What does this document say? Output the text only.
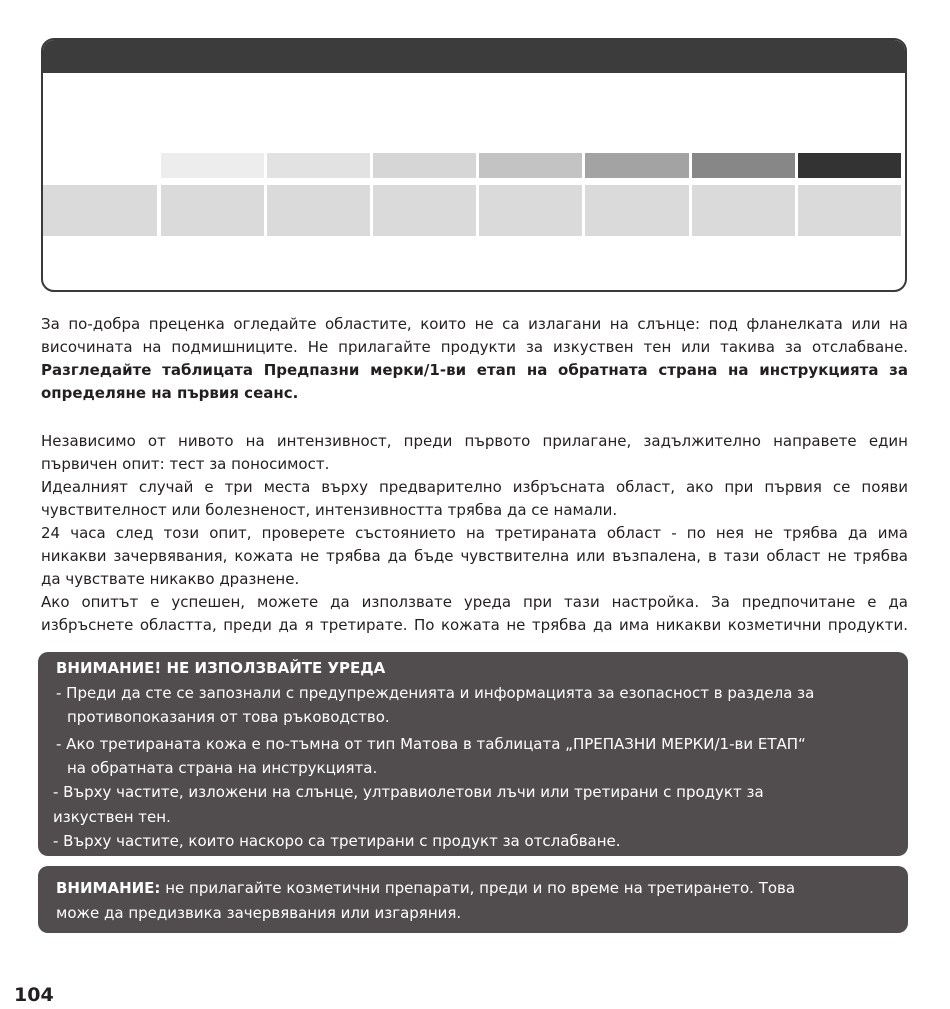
За по-добра преценка огледайте областите, които не са излагани на слънце: под фланелката или на
височината на подмишниците. Не прилагайте продукти за изкуствен тен или такива за отслабване.
Разгледайте таблицата Предпазни мерки/1-ви етап на обратната страна на инструкцията за
определяне на първия сеанс.
Независимо от нивото на интензивност, преди първото прилагане, задължително направете един
първичен опит: тест за поносимост.
Идеалният случай е три места върху предварително избръсната област, ако при първия се появи
чувствителност или болезненост, интензивността трябва да се намали.
24 часа след този опит, проверете състоянието на третираната област - по нея не трябва да има
никакви зачервявания, кожата не трябва да бъде чувствителна или възпалена, в тази област не трябва
да чувствате никакво дразнене.
Ако опитът е успешен, можете да използвате уреда при тази настройка. За предпочитане е да
избръснете областта, преди да я третирате. По кожата не трябва да има никакви козметични продукти.
ВНИМАНИЕ! НЕ ИЗПОЛЗВАЙТЕ УРЕДА
- Преди да сте се запознали с предупрежденията и информацията за езопасност в раздела за
противопоказания от това ръководство.
- Ако третираната кожа е по-тъмна от тип Матова в таблицата „ПРЕПАЗНИ МЕРКИ/1-ви ЕТАП“
на обратната страна на инструкцията.
- Върху частите, изложени на слънце, ултравиолетови лъчи или третирани с продукт за
изкуствен тен.
- Върху частите, които наскоро са третирани с продукт за отслабване.
ВНИМАНИЕ: не прилагайте козметични препарати, преди и по време на третирането. Това
може да предизвика зачервявания или изгаряния.
104
